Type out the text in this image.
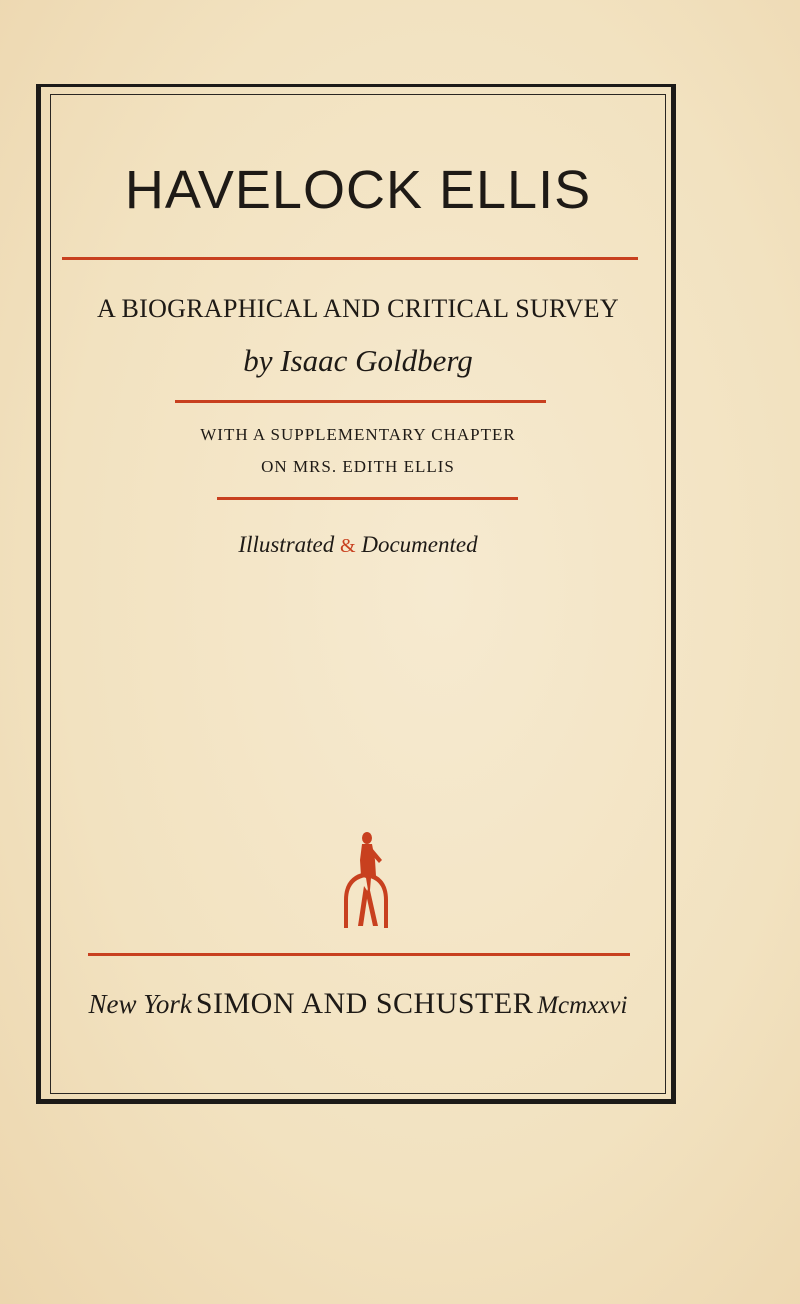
HAVELOCK ELLIS
A BIOGRAPHICAL AND CRITICAL SURVEY
by Isaac Goldberg
WITH A SUPPLEMENTARY CHAPTER
ON MRS. EDITH ELLIS
Illustrated & Documented
New York SIMON AND SCHUSTER Mcmxxvi
